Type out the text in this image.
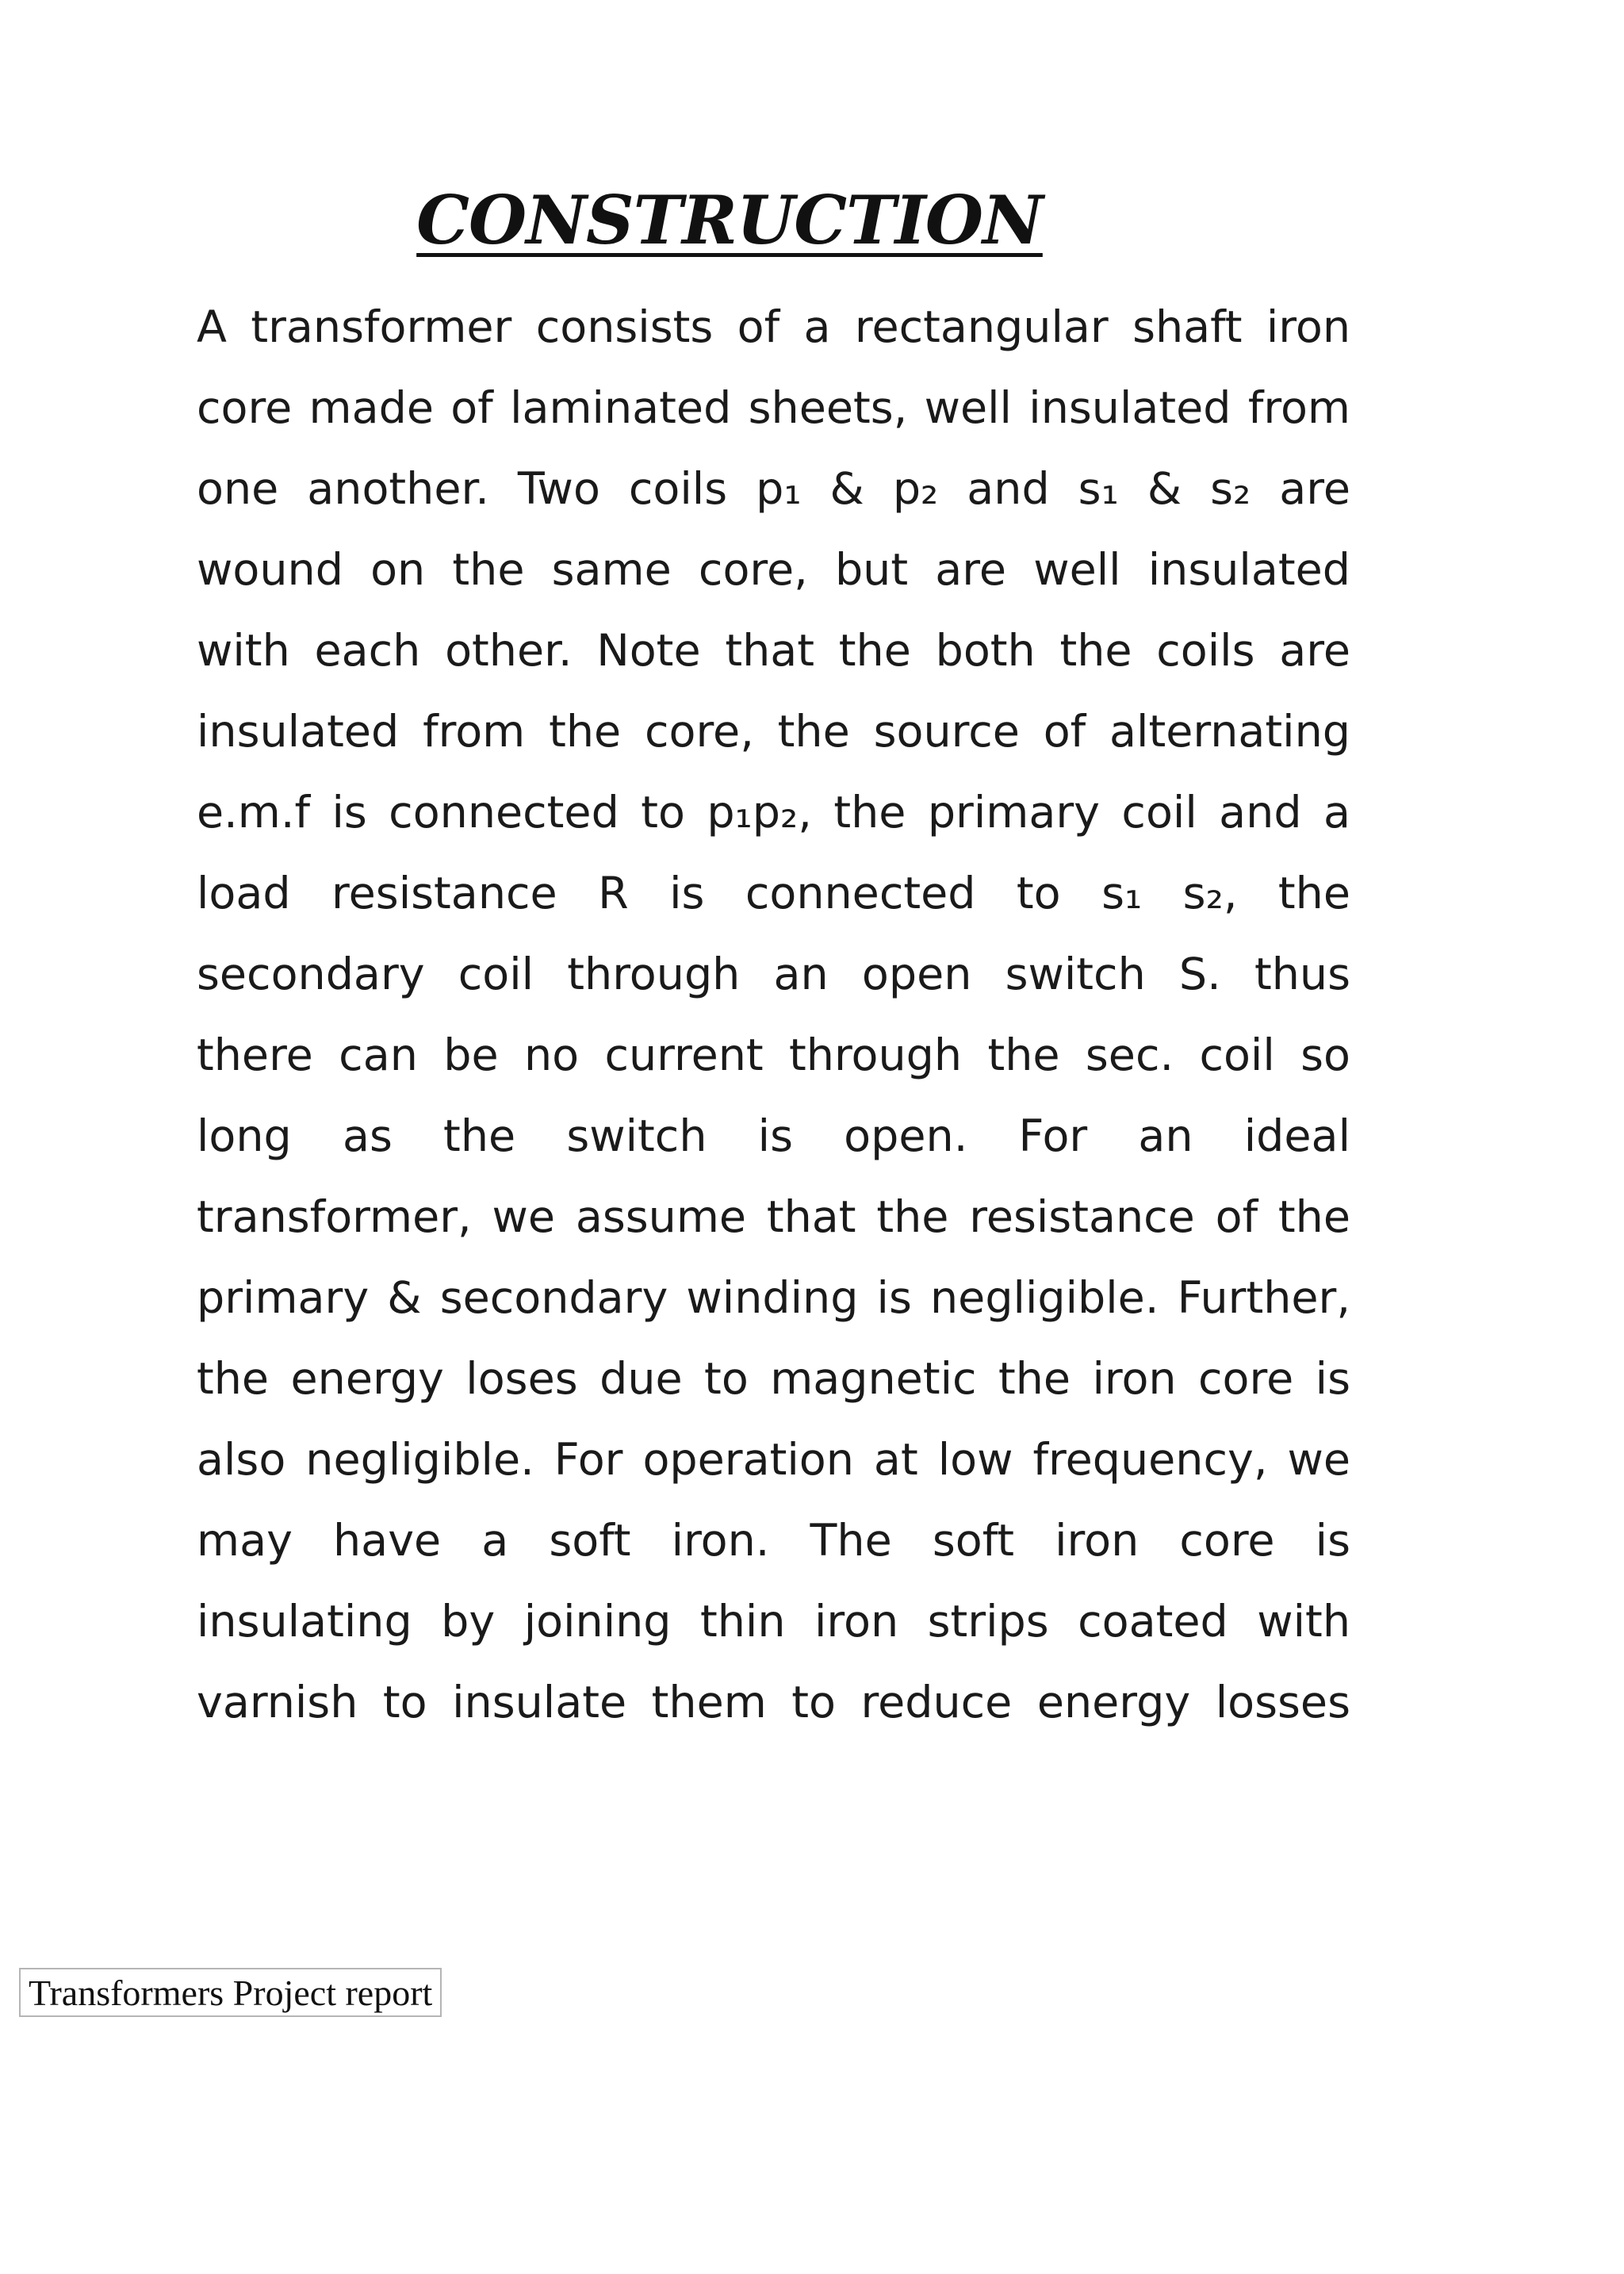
CONSTRUCTION
A transformer consists of a rectangular shaft iron
core made of laminated sheets, well insulated from
one another. Two coils p₁ & p₂ and s₁ & s₂ are
wound on the same core, but are well insulated
with each other. Note that the both the coils are
insulated from the core, the source of alternating
e.m.f is connected to p₁p₂, the primary coil and a
load resistance R is connected to s₁ s₂, the
secondary coil through an open switch S. thus
there can be no current through the sec. coil so
long as the switch is open. For an ideal
transformer, we assume that the resistance of the
primary & secondary winding is negligible. Further,
the energy loses due to magnetic the iron core is
also negligible. For operation at low frequency, we
may have a soft iron. The soft iron core is
insulating by joining thin iron strips coated with
varnish to insulate them to reduce energy losses
Transformers Project report
